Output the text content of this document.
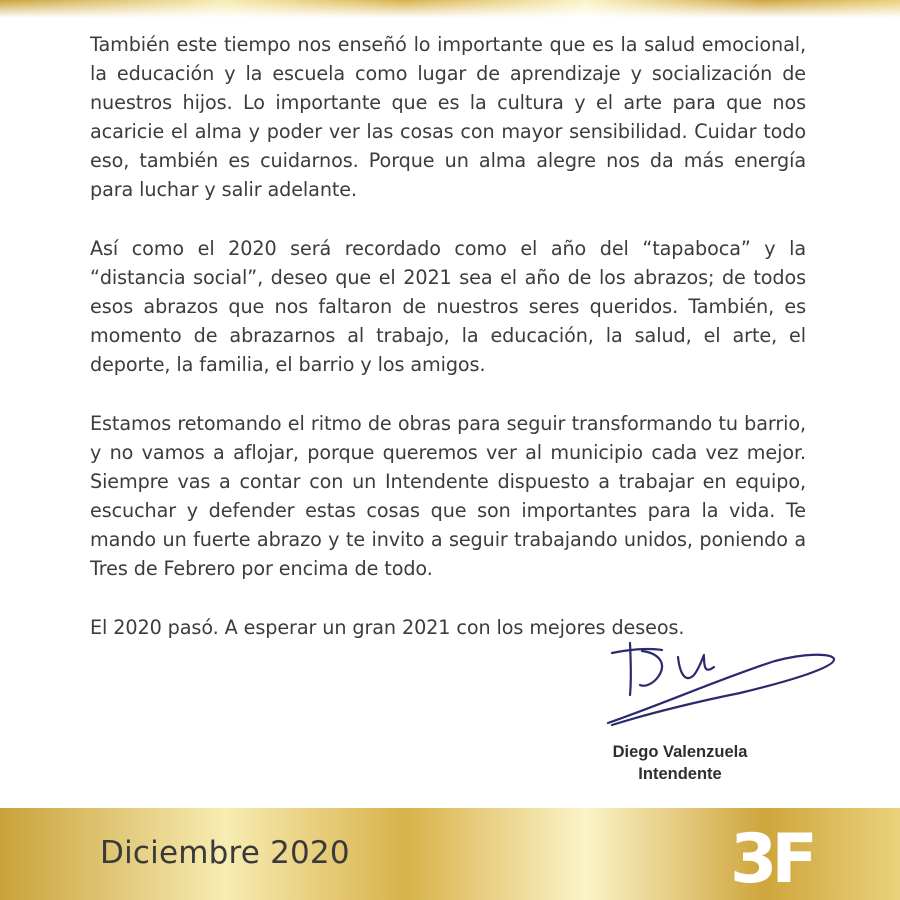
También este tiempo nos enseñó lo importante que es la salud emocional, la educación y la escuela como lugar de aprendizaje y socialización de nuestros hijos. Lo importante que es la cultura y el arte para que nos acaricie el alma y poder ver las cosas con mayor sensibilidad. Cuidar todo eso, también es cuidarnos. Porque un alma alegre nos da más energía para luchar y salir adelante.

Así como el 2020 será recordado como el año del “tapaboca” y la “distancia social”, deseo que el 2021 sea el año de los abrazos; de todos esos abrazos que nos faltaron de nuestros seres queridos. También, es momento de abrazarnos al trabajo, la educación, la salud, el arte, el deporte, la familia, el barrio y los amigos.

Estamos retomando el ritmo de obras para seguir transformando tu barrio, y no vamos a aflojar, porque queremos ver al municipio cada vez mejor. Siempre vas a contar con un Intendente dispuesto a trabajar en equipo, escuchar y defender estas cosas que son importantes para la vida. Te mando un fuerte abrazo y te invito a seguir trabajando unidos, poniendo a Tres de Febrero por encima de todo.

El 2020 pasó. A esperar un gran 2021 con los mejores deseos.

Diego Valenzuela
Intendente
Diciembre 2020	3F
